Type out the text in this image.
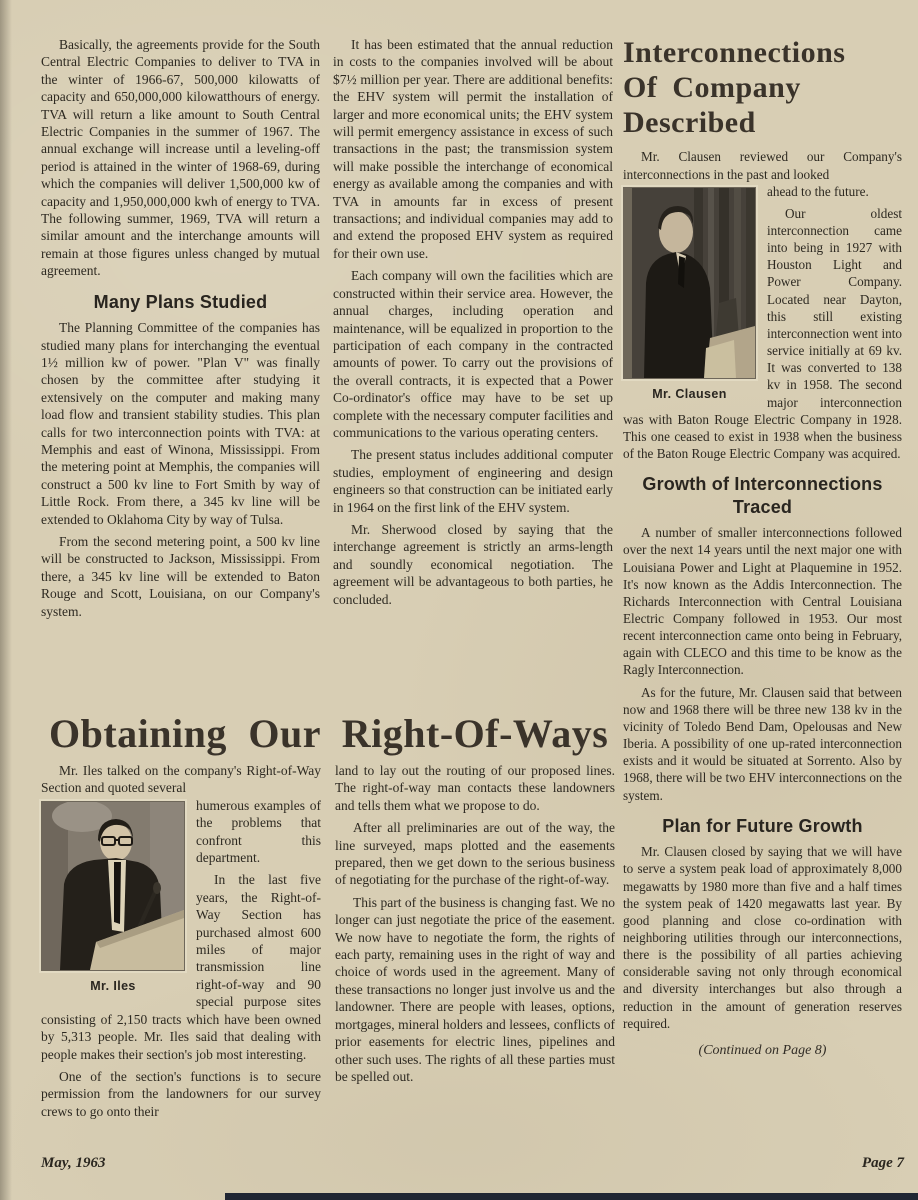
Basically, the agreements provide for the South Central Electric Companies to deliver to TVA in the winter of 1966-67, 500,000 kilowatts of capacity and 650,000,000 kilowatthours of energy. TVA will return a like amount to South Central Electric Companies in the summer of 1967. The annual exchange will increase until a leveling-off period is attained in the winter of 1968-69, during which the companies will deliver 1,500,000 kw of capacity and 1,950,000,000 kwh of energy to TVA. The following summer, 1969, TVA will return a similar amount and the interchange amounts will remain at those figures unless changed by mutual agreement.

Many Plans Studied

The Planning Committee of the companies has studied many plans for interchanging the eventual 1½ million kw of power. "Plan V" was finally chosen by the committee after studying it extensively on the computer and making many load flow and transient stability studies. This plan calls for two interconnection points with TVA: at Memphis and east of Winona, Mississippi. From the metering point at Memphis, the companies will construct a 500 kv line to Fort Smith by way of Little Rock. From there, a 345 kv line will be extended to Oklahoma City by way of Tulsa.

From the second metering point, a 500 kv line will be constructed to Jackson, Mississippi. From there, a 345 kv line will be extended to Baton Rouge and Scott, Louisiana, on our Company's system.

It has been estimated that the annual reduction in costs to the companies involved will be about $7½ million per year. There are additional benefits: the EHV system will permit the installation of larger and more economical units; the EHV system will permit emergency assistance in excess of such transactions in the past; the transmission system will make possible the interchange of economical energy as available among the companies and with TVA in amounts far in excess of present transactions; and individual companies may add to and extend the proposed EHV system as required for their own use.

Each company will own the facilities which are constructed within their service area. However, the annual charges, including operation and maintenance, will be equalized in proportion to the participation of each company in the contracted amounts of power. To carry out the provisions of the overall contracts, it is expected that a Power Co-ordinator's office may have to be set up complete with the necessary computer facilities and communications to the various operating centers.

The present status includes additional computer studies, employment of engineering and design engineers so that construction can be initiated early in 1964 on the first link of the EHV system.

Mr. Sherwood closed by saying that the interchange agreement is strictly an arms-length and soundly economical negotiation. The agreement will be advantageous to both parties, he concluded.

Interconnections
Of Company
Described

Mr. Clausen reviewed our Company's interconnections in the past and looked

Mr. Clausen

ahead to the future.

Our oldest interconnection came into being in 1927 with Houston Light and Power Company. Located near Dayton, this still existing interconnection went into service initially at 69 kv. It was converted to 138 kv in 1958. The second major interconnection was with Baton Rouge Electric Company in 1928. This one ceased to exist in 1938 when the business of the Baton Rouge Electric Company was acquired.

Growth of Interconnections Traced

A number of smaller interconnections followed over the next 14 years until the next major one with Louisiana Power and Light at Plaquemine in 1952. It's now known as the Addis Interconnection. The Richards Interconnection with Central Louisiana Electric Company followed in 1953. Our most recent interconnection came onto being in February, again with CLECO and this time to be know as the Ragly Interconnection.

As for the future, Mr. Clausen said that between now and 1968 there will be three new 138 kv in the vicinity of Toledo Bend Dam, Opelousas and New Iberia. A possibility of one up-rated interconnection exists and it would be situated at Sorrento. Also by 1968, there will be two EHV interconnections on the system.

Plan for Future Growth

Mr. Clausen closed by saying that we will have to serve a system peak load of approximately 8,000 megawatts by 1980 more than five and a half times the system peak of 1420 megawatts last year. By good planning and close co-ordination with neighboring utilities through our interconnections, there is the possibility of all parties achieving considerable saving not only through economical and diversity interchanges but also through a reduction in the amount of generation reserves required.

(Continued on Page 8)

Obtaining Our Right-Of-Ways

Mr. Iles talked on the company's Right-of-Way Section and quoted several

Mr. Iles

humerous examples of the problems that confront this department.

In the last five years, the Right-of-Way Section has purchased almost 600 miles of major transmission line right-of-way and 90 special purpose sites consisting of 2,150 tracts which have been owned by 5,313 people. Mr. Iles said that dealing with people makes their section's job most interesting.

One of the section's functions is to secure permission from the landowners for our survey crews to go onto their

land to lay out the routing of our proposed lines. The right-of-way man contacts these landowners and tells them what we propose to do.

After all preliminaries are out of the way, the line surveyed, maps plotted and the easements prepared, then we get down to the serious business of negotiating for the purchase of the right-of-way.

This part of the business is changing fast. We no longer can just negotiate the price of the easement. We now have to negotiate the form, the rights of each party, remaining uses in the right of way and choice of words used in the agreement. Many of these transactions no longer just involve us and the landowner. There are people with leases, options, mortgages, mineral holders and lessees, conflicts of prior easements for electric lines, pipelines and other such uses. The rights of all these parties must be spelled out.

May, 1963	Page 7
